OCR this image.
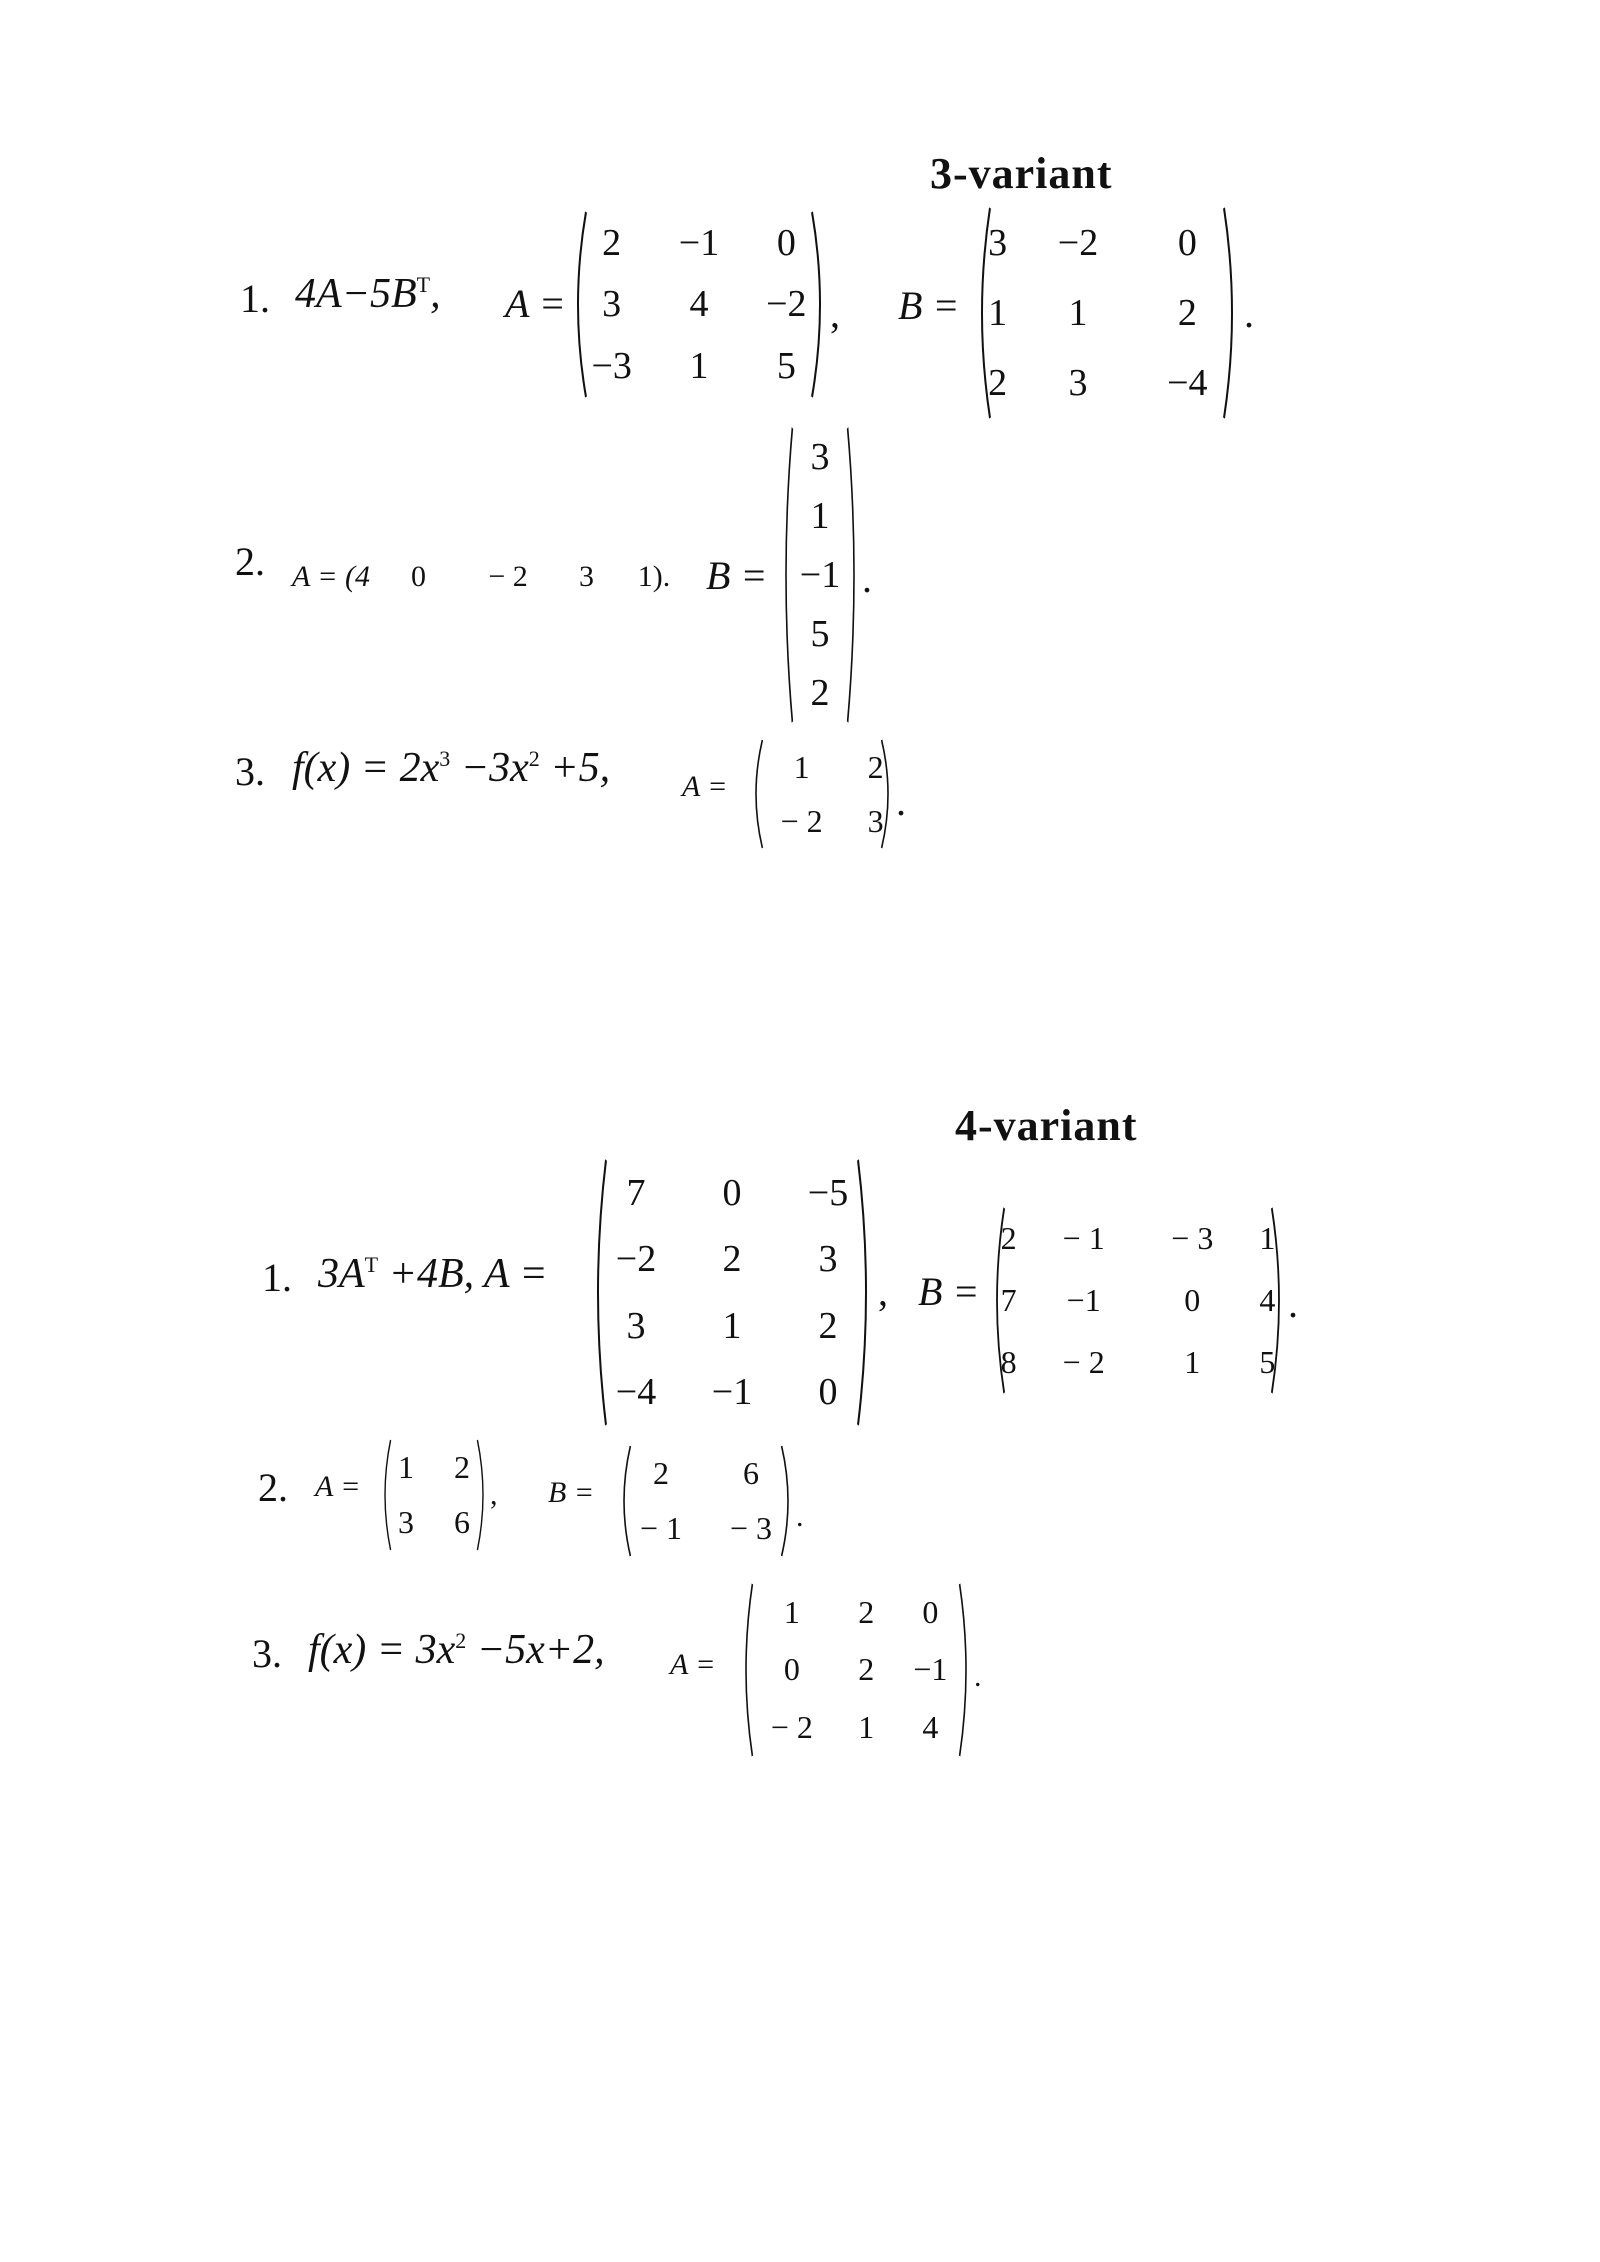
3-variant
1. $4A-5B^T$, A =
2	−1	0
3	4	−2
−3	1	5
, B =
3	−2	0
1	1	2
2	3	−4
.
2. A = (4 0 − 2 3 1). B =
3
1
−1
5
2
.
3. $f(x) = 2x^3 -3x^2 +5$, A =
1	2
− 2	3 .
4-variant
1. $3A^T +4B$, A =
7	0	−5
−2	2	3
3	1	2
−4	−1	0
, B =
2	− 1	− 3	1
7	−1	0	4
8	− 2	1	5
.
2. A =
1	2
3	6
, B =
2	6
− 1	− 3 .
3. $f(x) = 3x^2 -5x+2$, A =
1	2	0
0	2	−1
− 2	1	4
.
